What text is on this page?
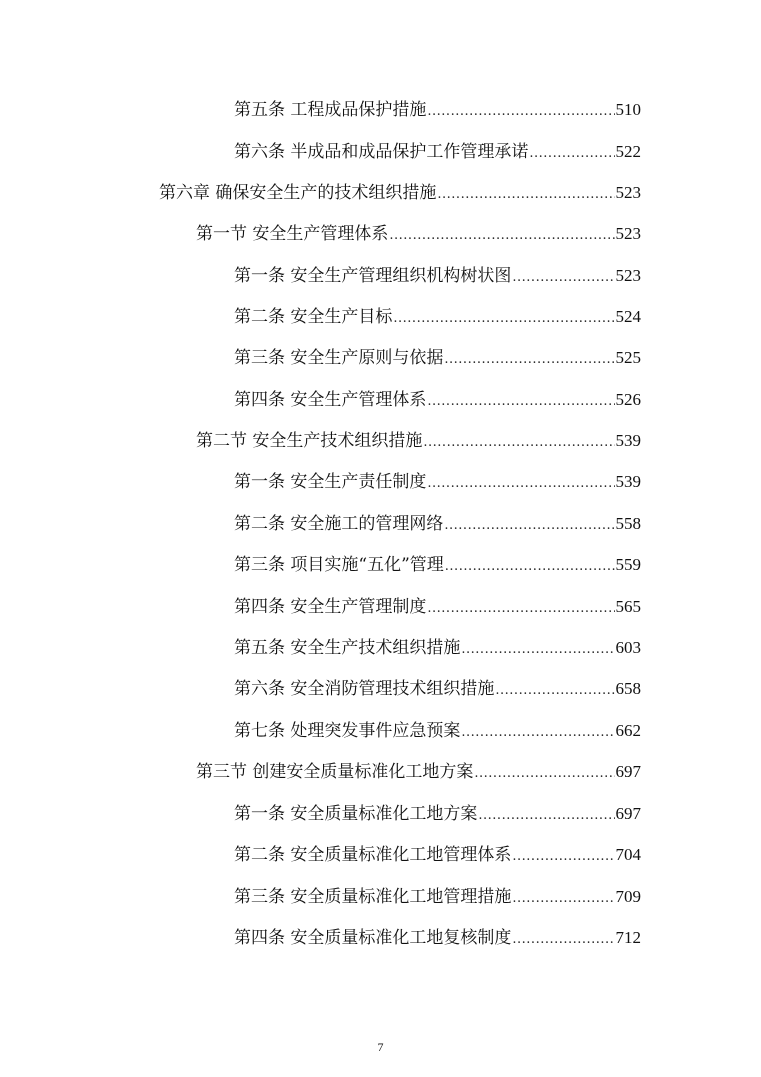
第五条 工程成品保护措施 .....	510
第六条 半成品和成品保护工作管理承诺 .....	522
第六章 确保安全生产的技术组织措施 .....	523
第一节 安全生产管理体系 .....	523
第一条 安全生产管理组织机构树状图 .....	523
第二条 安全生产目标 .....	524
第三条 安全生产原则与依据 .....	525
第四条 安全生产管理体系 .....	526
第二节 安全生产技术组织措施 .....	539
第一条 安全生产责任制度 .....	539
第二条 安全施工的管理网络 .....	558
第三条 项目实施“五化”管理 .....	559
第四条 安全生产管理制度 .....	565
第五条 安全生产技术组织措施 .....	603
第六条 安全消防管理技术组织措施 .....	658
第七条 处理突发事件应急预案 .....	662
第三节 创建安全质量标准化工地方案 .....	697
第一条 安全质量标准化工地方案 .....	697
第二条 安全质量标准化工地管理体系 .....	704
第三条 安全质量标准化工地管理措施 .....	709
第四条 安全质量标准化工地复核制度 .....	712
7
